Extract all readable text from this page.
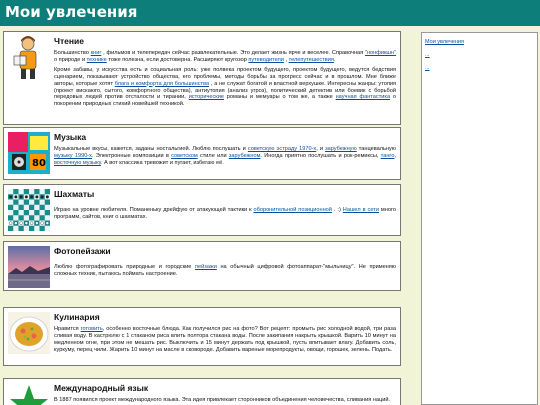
Мои увлечения
Чтение

Большинство книг , фильмов и телепередач сейчас развлекательные. Это делает жизнь ярче и веселее. Справочная "нонфикшн" о природе и технике тоже полезна, если достоверна. Расширяют кругозор путеводители , телепутешествия.

Кроме забавы, у искусства есть и социальная роль: уже полвека проектом будущего, проектом будущего, ведутся бедствия сценарием, показывают устройство общества, его проблемы, методы борьбы за прогресс сейчас и в прошлом. Мне ближе авторы, которые хотят блага и комфорта для большинства , а не служат богатой и властной верхушке. Интересны жанры: утопия (проект вискаюго, сытого, комфортного общества), антиутопия (анализ угроз), политический детектив или боевик с борьбой передовых людей против отсталости и тирании, исторические романы и мемуары о том же, а также научная фантастика о покорении природных стихий новейшей техникой.

80
Музыка

Музыкальные вкусы, кажется, заданы ностальгией. Люблю послушать и советскую эстраду 1970-х, и зарубежную танцевальную музыку 1990-х. Электронные композиции в советском стиле или зарубежном. Иногда приятно послушать и рок-ремиксы, танго, восточную музыку. А вот классика тревожит и пугает, избегаю её.

Шахматы

Играю на уровне любителя. Поманеньку дрейфую от атакующей тактики к оборонительной позиционной . :) Нашел в сети много программ, сайтов, книг о шахматах.

Фотопейзажи

Люблю фотографировать природные и городские пейзажи на обычный цифровой фотоаппарат-"мыльницу". Не применяю сложных техник, пытаюсь поймать настроение.

Кулинария

Нравится готовить, особенно восточные блюда. Как получился рис на фото? Вот рецепт: промыть рис холодной водой, три раза сливая воду. В кастрюлю с 1 стаканом риса влить полтора стакана воды. После закипания накрыть крышкой. Варить 10 минут на медленном огне, при этом не мешать рис. Выключить и 15 минут держать под крышкой, пусть впитывает влагу. Добавить соль, куркуму, перец чили. Жарить 10 минут на масле в сковороде. Добавить вареные морепродукты, овощи, горошек, зелень. Подать.

Международный язык

В 1887 появился проект международного языка. Эта идея привлекает сторонников объединения человечества, сливания наций.

Мои увлечения
...
...
